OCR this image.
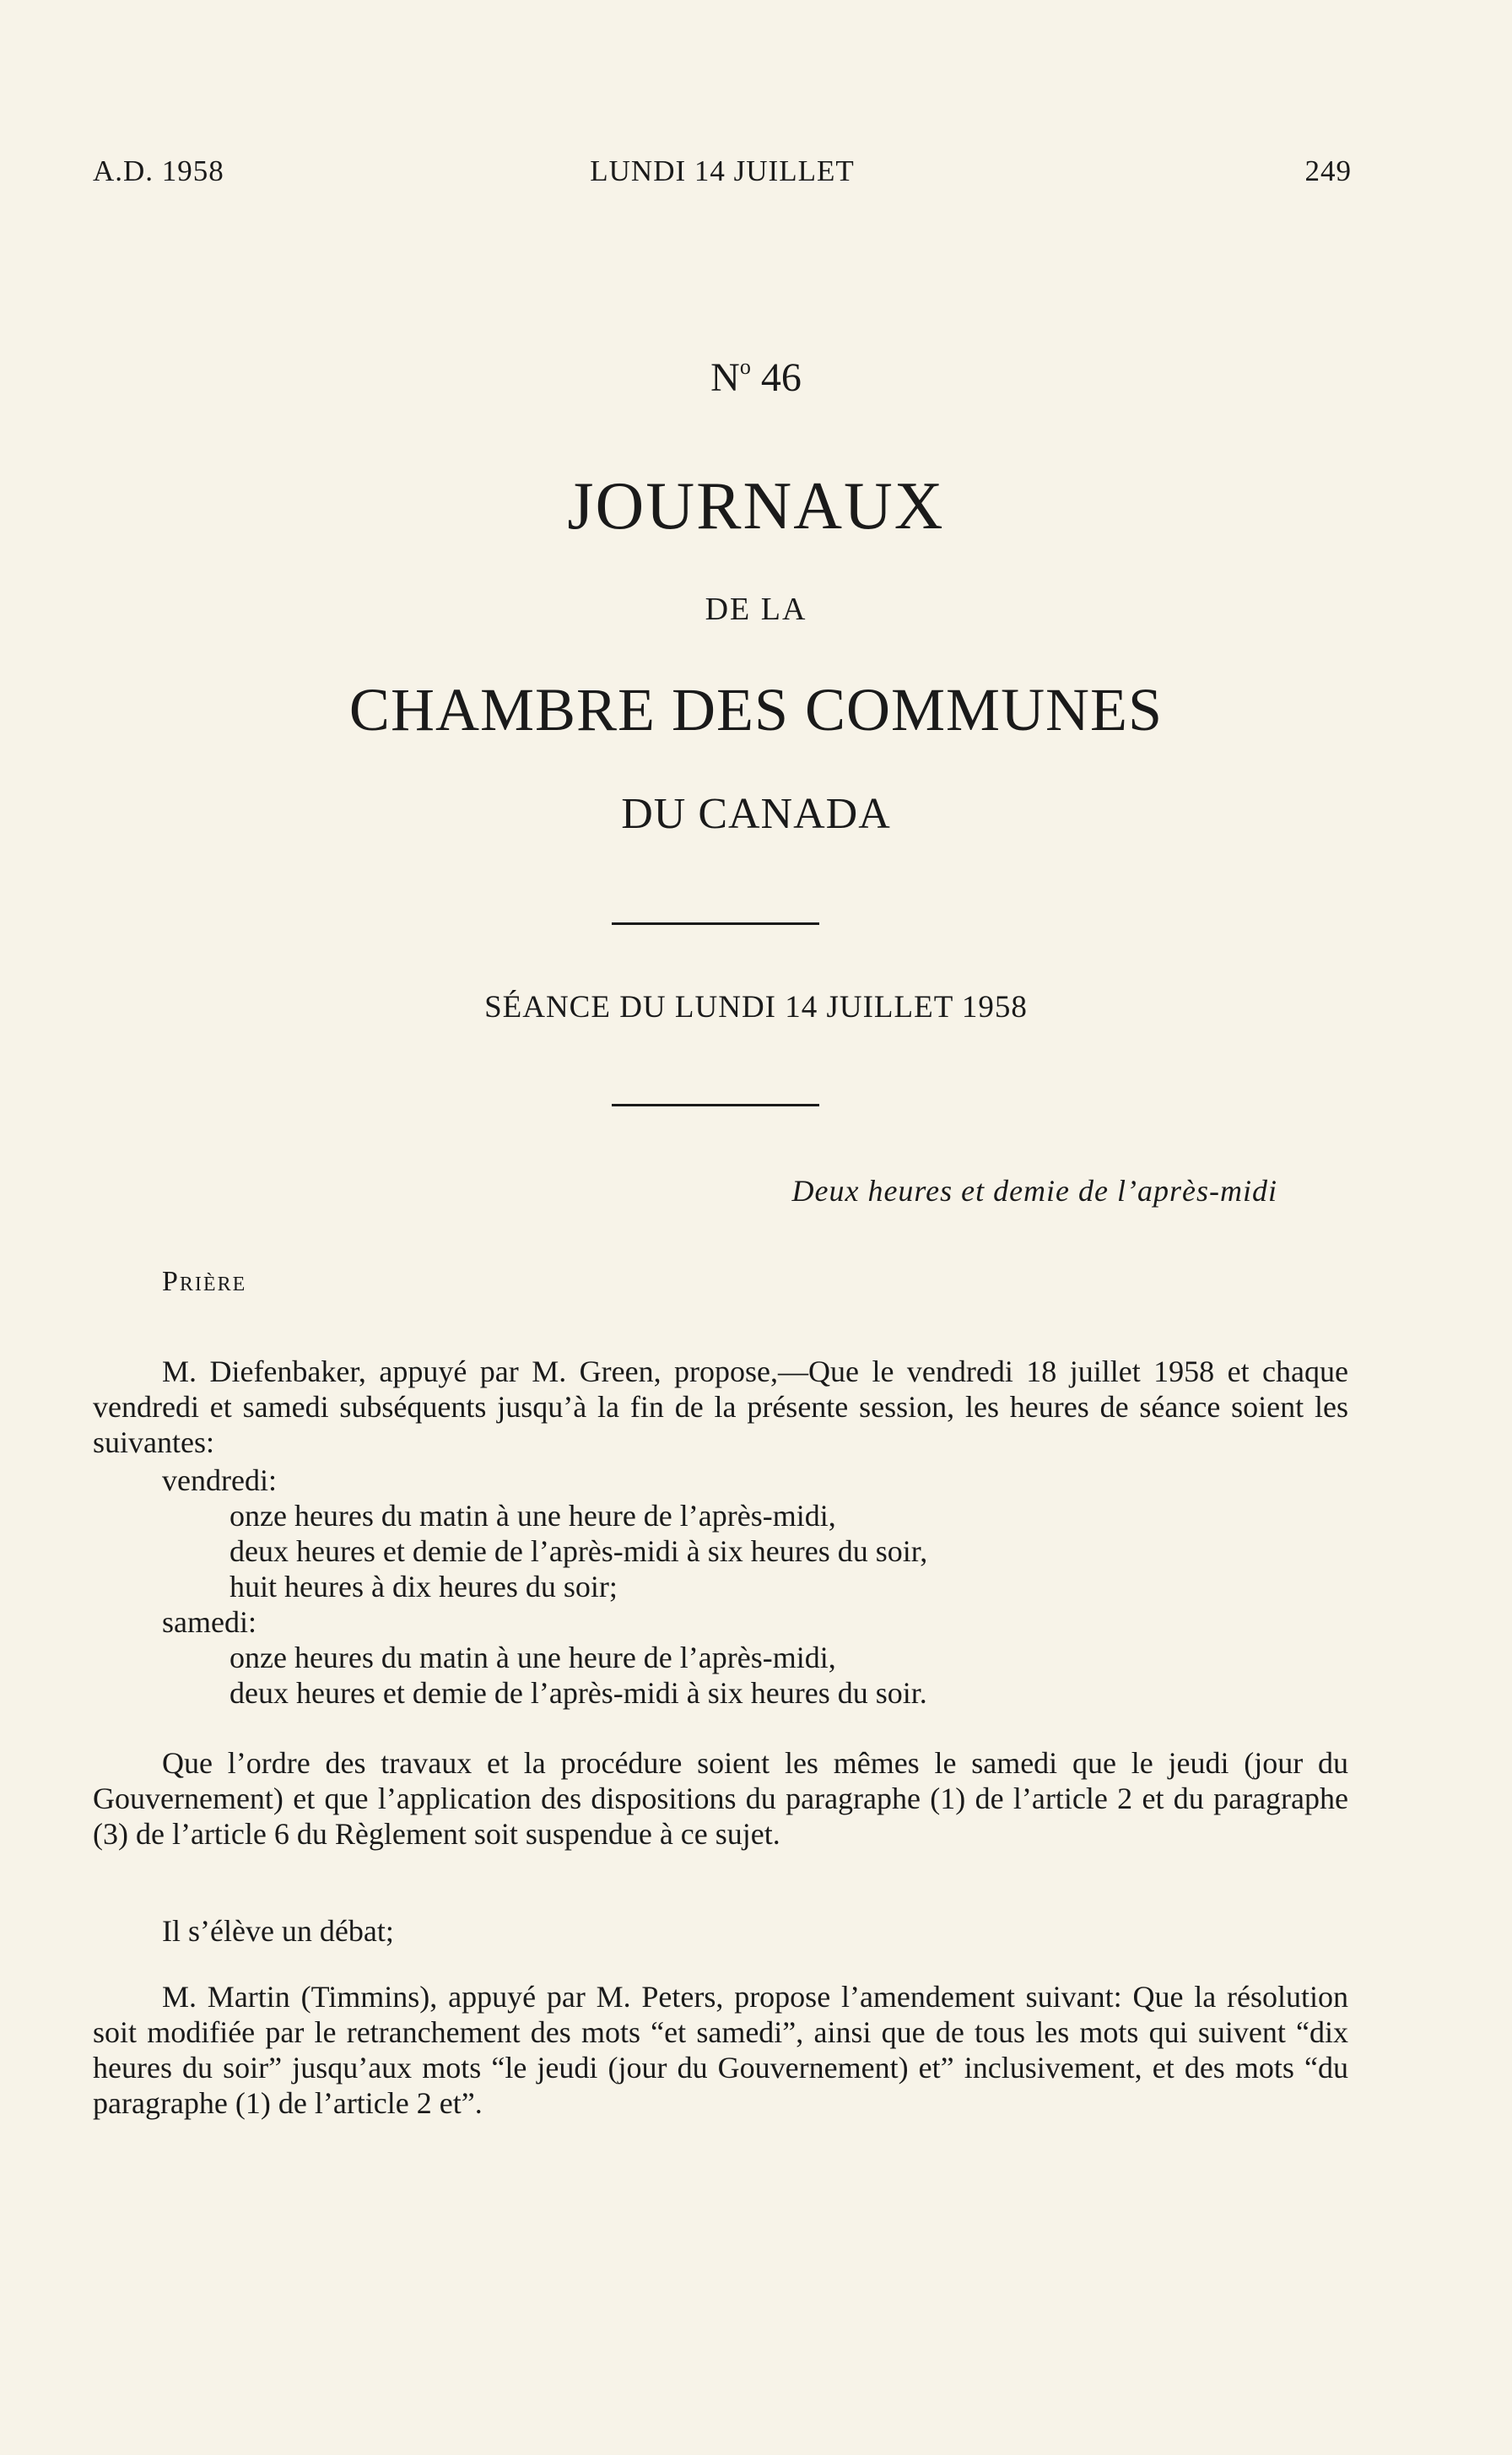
A.D. 1958	LUNDI 14 JUILLET	249
$N^o$ 46
JOURNAUX
DE LA
CHAMBRE DES COMMUNES
DU CANADA
SÉANCE DU LUNDI 14 JUILLET 1958
Deux heures et demie de l’après-midi
Prière
M. Diefenbaker, appuyé par M. Green, propose,—Que le vendredi 18 juillet 1958 et chaque vendredi et samedi subséquents jusqu’à la fin de la présente session, les heures de séance soient les suivantes:
vendredi:
onze heures du matin à une heure de l’après-midi,
deux heures et demie de l’après-midi à six heures du soir,
huit heures à dix heures du soir;
samedi:
onze heures du matin à une heure de l’après-midi,
deux heures et demie de l’après-midi à six heures du soir.
Que l’ordre des travaux et la procédure soient les mêmes le samedi que le jeudi (jour du Gouvernement) et que l’application des dispositions du paragraphe (1) de l’article 2 et du paragraphe (3) de l’article 6 du Règlement soit suspendue à ce sujet.
Il s’élève un débat;
M. Martin (Timmins), appuyé par M. Peters, propose l’amendement suivant: Que la résolution soit modifiée par le retranchement des mots “et samedi”, ainsi que de tous les mots qui suivent “dix heures du soir” jusqu’aux mots “le jeudi (jour du Gouvernement) et” inclusivement, et des mots “du paragraphe (1) de l’article 2 et”.
